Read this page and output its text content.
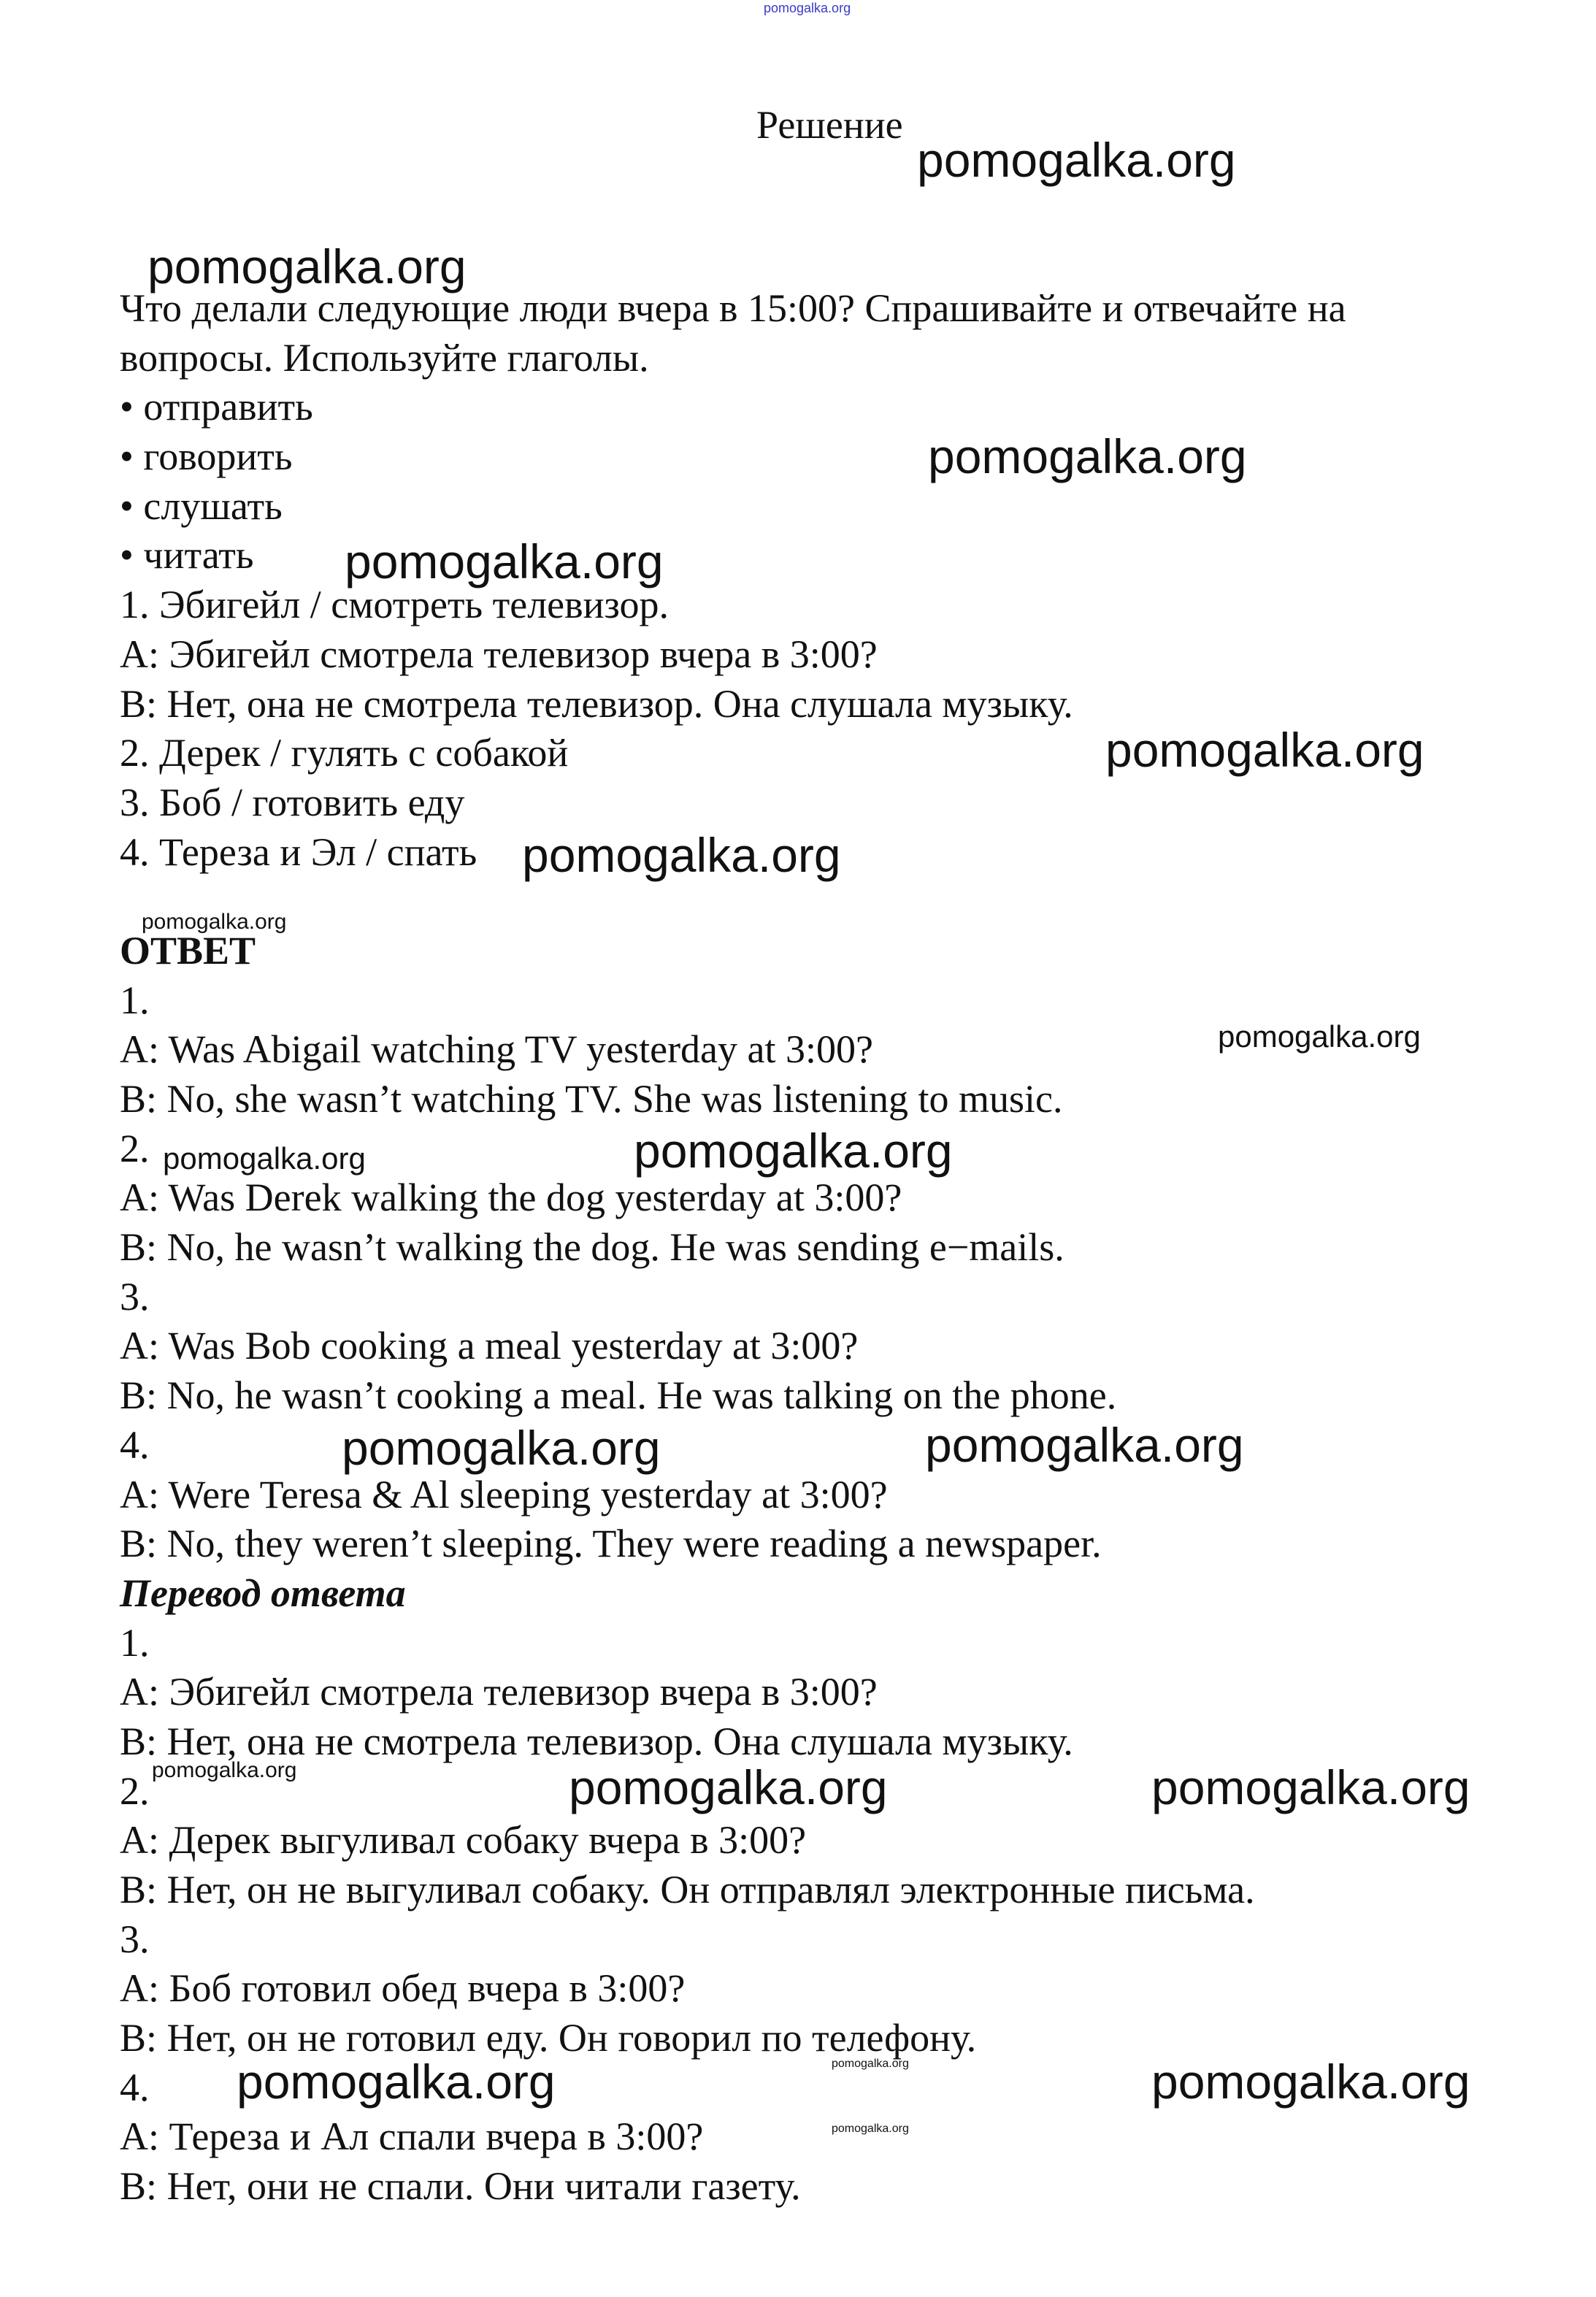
Решение
Что делали следующие люди вчера в 15:00? Спрашивайте и отвечайте на
вопросы. Используйте глаголы.
• отправить
• говорить
• слушать
• читать
1. Эбигейл / смотреть телевизор.
A: Эбигейл смотрела телевизор вчера в 3:00?
B: Нет, она не смотрела телевизор. Она слушала музыку.
2. Дерек / гулять с собакой
3. Боб / готовить еду
4. Тереза и Эл / спать
ОТВЕТ
1.
A: Was Abigail watching TV yesterday at 3:00?
B: No, she wasn’t watching TV. She was listening to music.
2.
A: Was Derek walking the dog yesterday at 3:00?
B: No, he wasn’t walking the dog. He was sending e−mails.
3.
A: Was Bob cooking a meal yesterday at 3:00?
B: No, he wasn’t cooking a meal. He was talking on the phone.
4.
A: Were Teresa & Al sleeping yesterday at 3:00?
B: No, they weren’t sleeping. They were reading a newspaper.
Перевод ответа
1.
A: Эбигейл смотрела телевизор вчера в 3:00?
B: Нет, она не смотрела телевизор. Она слушала музыку.
2.
A: Дерек выгуливал собаку вчера в 3:00?
B: Нет, он не выгуливал собаку. Он отправлял электронные письма.
3.
A: Боб готовил обед вчера в 3:00?
B: Нет, он не готовил еду. Он говорил по телефону.
4.
A: Тереза и Ал спали вчера в 3:00?
B: Нет, они не спали. Они читали газету.
pomogalka.org
pomogalka.org
pomogalka.org
pomogalka.org
pomogalka.org
pomogalka.org
pomogalka.org
pomogalka.org
pomogalka.org
pomogalka.org	pomogalka.org
pomogalka.org	pomogalka.org
pomogalka.org	pomogalka.org	pomogalka.org
pomogalka.org	pomogalka.org
pomogalka.org
pomogalka.org
